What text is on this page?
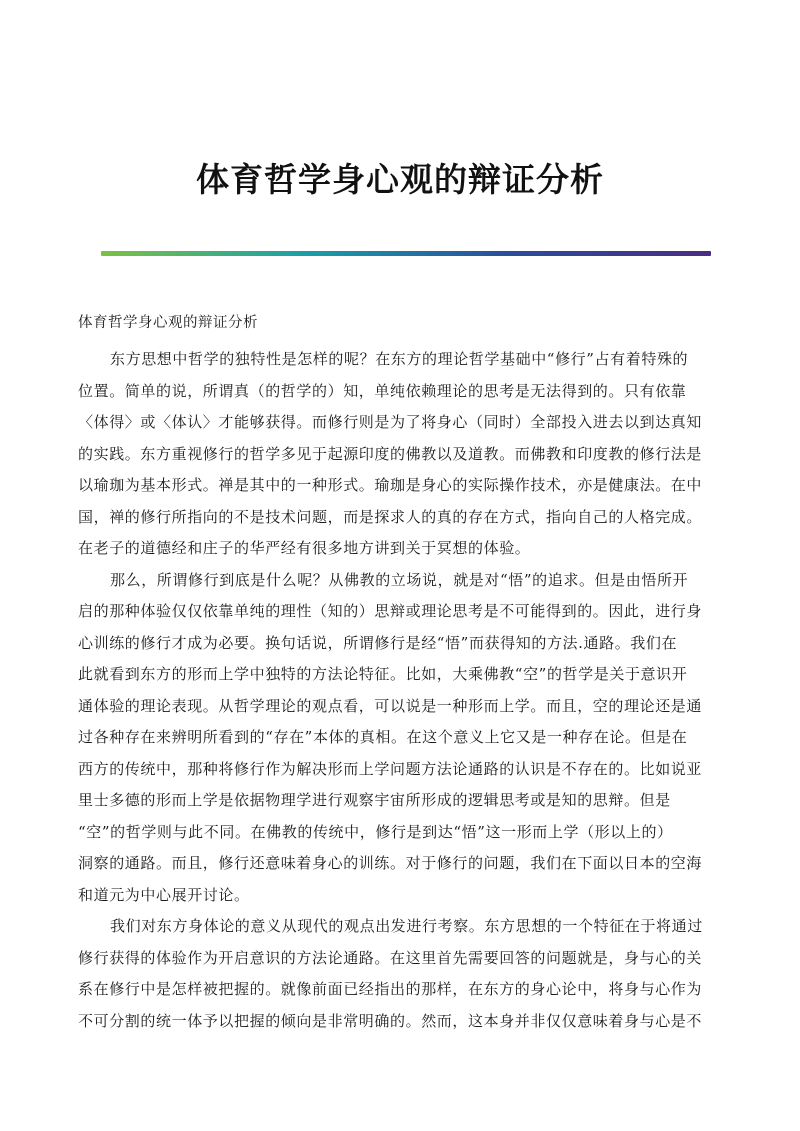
体育哲学身心观的辩证分析
体育哲学身心观的辩证分析

东方思想中哲学的独特性是怎样的呢？在东方的理论哲学基础中“修行”占有着特殊的
位置。简单的说，所谓真（的哲学的）知，单纯依赖理论的思考是无法得到的。只有依靠
〈体得〉或〈体认〉才能够获得。而修行则是为了将身心（同时）全部投入进去以到达真知
的实践。东方重视修行的哲学多见于起源印度的佛教以及道教。而佛教和印度教的修行法是
以瑜珈为基本形式。禅是其中的一种形式。瑜珈是身心的实际操作技术，亦是健康法。在中
国，禅的修行所指向的不是技术问题，而是探求人的真的存在方式，指向自己的人格完成。
在老子的道德经和庄子的华严经有很多地方讲到关于冥想的体验。

那么，所谓修行到底是什么呢？从佛教的立场说，就是对“悟”的追求。但是由悟所开
启的那种体验仅仅依靠单纯的理性（知的）思辩或理论思考是不可能得到的。因此，进行身
心训练的修行才成为必要。换句话说，所谓修行是经“悟”而获得知的方法.通路。我们在
此就看到东方的形而上学中独特的方法论特征。比如，大乘佛教“空”的哲学是关于意识开
通体验的理论表现。从哲学理论的观点看，可以说是一种形而上学。而且，空的理论还是通
过各种存在来辨明所看到的“存在”本体的真相。在这个意义上它又是一种存在论。但是在
西方的传统中，那种将修行作为解决形而上学问题方法论通路的认识是不存在的。比如说亚
里士多德的形而上学是依据物理学进行观察宇宙所形成的逻辑思考或是知的思辩。但是
“空”的哲学则与此不同。在佛教的传统中，修行是到达“悟”这一形而上学（形以上的）
洞察的通路。而且，修行还意味着身心的训练。对于修行的问题，我们在下面以日本的空海
和道元为中心展开讨论。

我们对东方身体论的意义从现代的观点出发进行考察。东方思想的一个特征在于将通过
修行获得的体验作为开启意识的方法论通路。在这里首先需要回答的问题就是，身与心的关
系在修行中是怎样被把握的。就像前面已经指出的那样，在东方的身心论中，将身与心作为
不可分割的统一体予以把握的倾向是非常明确的。然而，这本身并非仅仅意味着身与心是不
